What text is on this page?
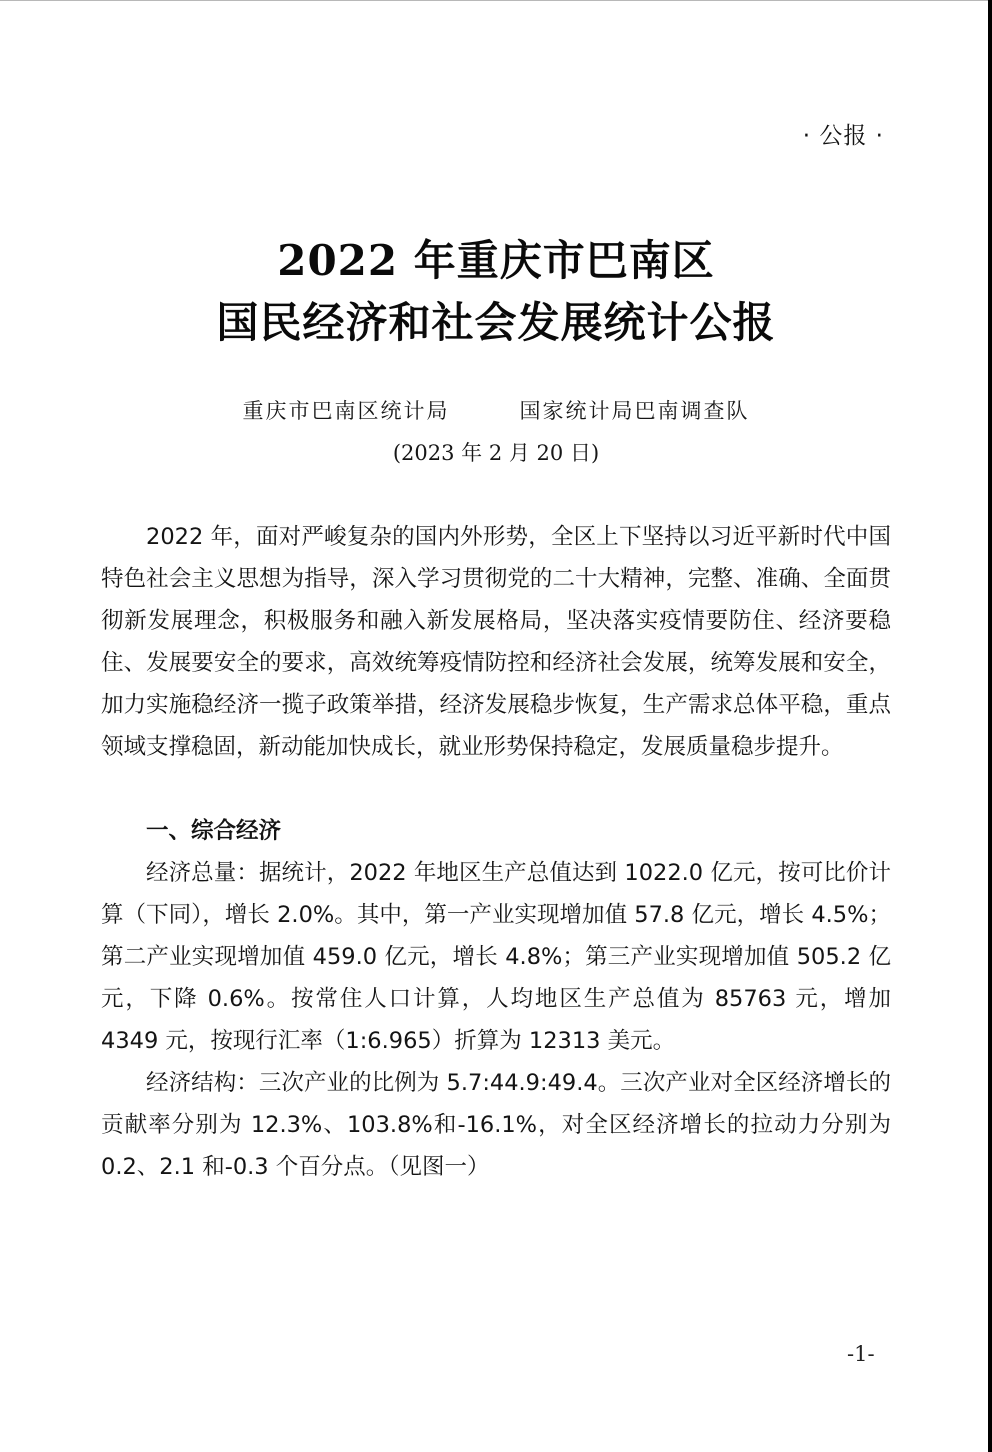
· 公报 ·
2022 年重庆市巴南区
国民经济和社会发展统计公报
重庆市巴南区统计局	国家统计局巴南调查队
(2023 年 2 月 20 日)

2022 年，面对严峻复杂的国内外形势，全区上下坚持以习近平新时代中国特色社会主义思想为指导，深入学习贯彻党的二十大精神，完整、准确、全面贯彻新发展理念，积极服务和融入新发展格局，坚决落实疫情要防住、经济要稳住、发展要安全的要求，高效统筹疫情防控和经济社会发展，统筹发展和安全，加力实施稳经济一揽子政策举措，经济发展稳步恢复，生产需求总体平稳，重点领域支撑稳固，新动能加快成长，就业形势保持稳定，发展质量稳步提升。

一、综合经济

经济总量：据统计，2022 年地区生产总值达到 1022.0 亿元，按可比价计算（下同），增长 2.0%。其中，第一产业实现增加值 57.8 亿元，增长 4.5%；第二产业实现增加值 459.0 亿元，增长 4.8%；第三产业实现增加值 505.2 亿元，下降 0.6%。按常住人口计算，人均地区生产总值为 85763 元，增加 4349 元，按现行汇率（1:6.965）折算为 12313 美元。

经济结构：三次产业的比例为 5.7:44.9:49.4。三次产业对全区经济增长的贡献率分别为 12.3%、103.8%和-16.1%，对全区经济增长的拉动力分别为 0.2、2.1 和-0.3 个百分点。（见图一）

-1-
